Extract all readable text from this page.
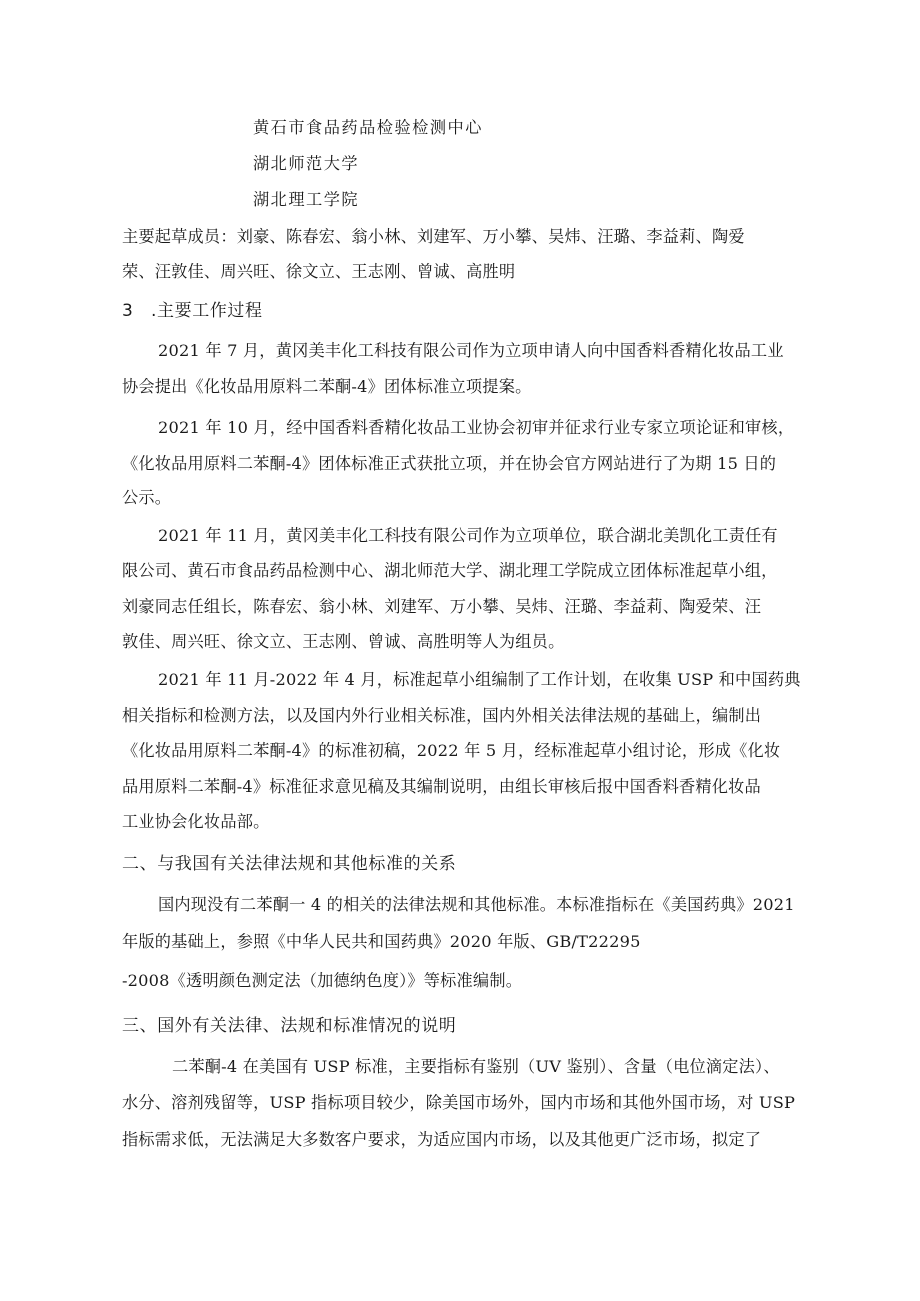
黄石市食品药品检验检测中心
湖北师范大学
湖北理工学院
主要起草成员：刘豪、陈春宏、翁小林、刘建军、万小攀、吴炜、汪璐、李益莉、陶爱
荣、汪敦佳、周兴旺、徐文立、王志刚、曾诚、高胜明
3　.主要工作过程
2021 年 7 月，黄冈美丰化工科技有限公司作为立项申请人向中国香料香精化妆品工业
协会提出《化妆品用原料二苯酮-4》团体标准立项提案。
2021 年 10 月，经中国香料香精化妆品工业协会初审并征求行业专家立项论证和审核，
《化妆品用原料二苯酮-4》团体标准正式获批立项，并在协会官方网站进行了为期 15 日的
公示。
2021 年 11 月，黄冈美丰化工科技有限公司作为立项单位，联合湖北美凯化工责任有
限公司、黄石市食品药品检测中心、湖北师范大学、湖北理工学院成立团体标准起草小组，
刘豪同志任组长，陈春宏、翁小林、刘建军、万小攀、吴炜、汪璐、李益莉、陶爱荣、汪
敦佳、周兴旺、徐文立、王志刚、曾诚、高胜明等人为组员。
2021 年 11 月-2022 年 4 月，标准起草小组编制了工作计划，在收集 USP 和中国药典
相关指标和检测方法，以及国内外行业相关标准，国内外相关法律法规的基础上，编制出
《化妆品用原料二苯酮-4》的标准初稿，2022 年 5 月，经标准起草小组讨论，形成《化妆
品用原料二苯酮-4》标准征求意见稿及其编制说明，由组长审核后报中国香料香精化妆品
工业协会化妆品部。
二、与我国有关法律法规和其他标准的关系
国内现没有二苯酮一 4 的相关的法律法规和其他标准。本标准指标在《美国药典》2021
年版的基础上，参照《中华人民共和国药典》2020 年版、GB/T22295
-2008《透明颜色测定法（加德纳色度）》等标准编制。
三、国外有关法律、法规和标准情况的说明
二苯酮-4 在美国有 USP 标准，主要指标有鉴别（UV 鉴别）、含量（电位滴定法）、
水分、溶剂残留等，USP 指标项目较少，除美国市场外，国内市场和其他外国市场，对 USP
指标需求低，无法满足大多数客户要求，为适应国内市场，以及其他更广泛市场，拟定了
